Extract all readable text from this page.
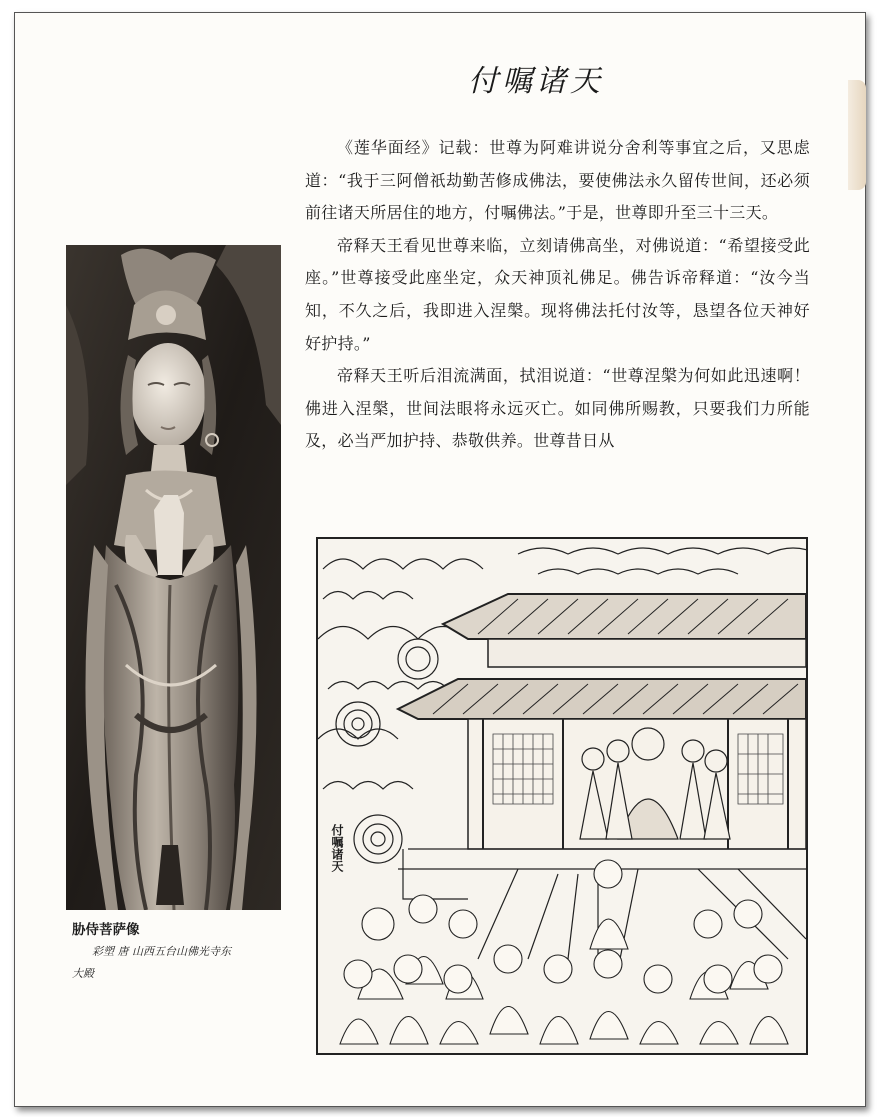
付嘱诸天

《莲华面经》记载：世尊为阿难讲说分舍利等事宜之后，又思虑道：“我于三阿僧祇劫勤苦修成佛法，要使佛法永久留传世间，还必须前往诸天所居住的地方，付嘱佛法。”于是，世尊即升至三十三天。

帝释天王看见世尊来临，立刻请佛高坐，对佛说道：“希望接受此座。”世尊接受此座坐定，众天神顶礼佛足。佛告诉帝释道：“汝今当知，不久之后，我即进入涅槃。现将佛法托付汝等，恳望各位天神好好护持。”

帝释天王听后泪流满面，拭泪说道：“世尊涅槃为何如此迅速啊！佛进入涅槃，世间法眼将永远灭亡。如同佛所赐教，只要我们力所能及，必当严加护持、恭敬供养。世尊昔日从

胁侍菩萨像
彩塑 唐 山西五台山佛光寺东
大殿
付嘱诸天
